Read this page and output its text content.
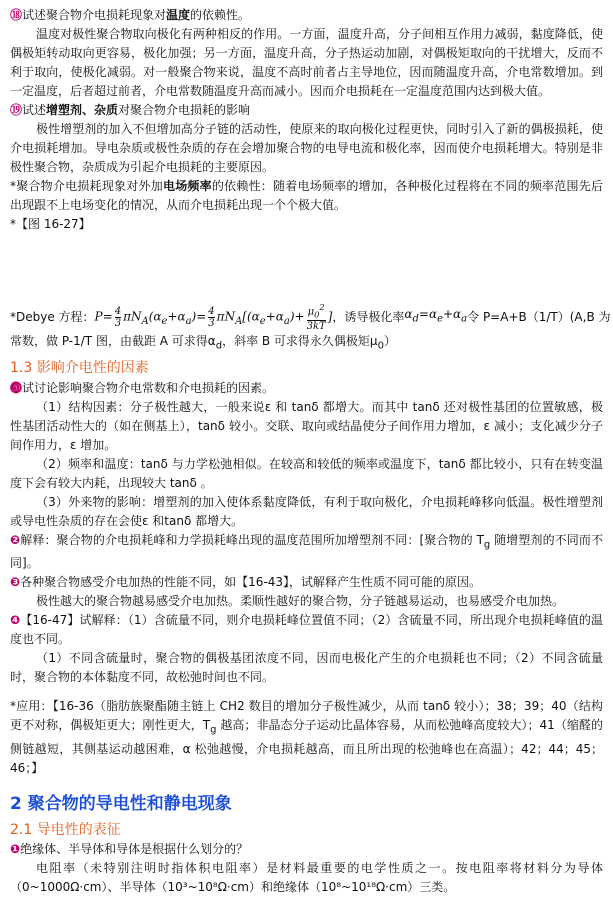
⑱试述聚合物介电损耗现象对温度的依赖性。
温度对极性聚合物取向极化有两种相反的作用。一方面，温度升高，分子间相互作用力减弱，黏度降低，使偶极矩转动取向更容易，极化加强；另一方面，温度升高，分子热运动加剧，对偶极矩取向的干扰增大，反而不利于取向，使极化减弱。对一般聚合物来说，温度不高时前者占主导地位，因而随温度升高，介电常数增加。到一定温度，后者超过前者，介电常数随温度升高而减小。因而介电损耗在一定温度范围内达到极大值。
⑲试述增塑剂、杂质对聚合物介电损耗的影响
极性增塑剂的加入不但增加高分子链的活动性，使原来的取向极化过程更快，同时引入了新的偶极损耗，使介电损耗增加。导电杂质或极性杂质的存在会增加聚合物的电导电流和极化率，因而使介电损耗增大。特别是非极性聚合物，杂质成为引起介电损耗的主要原因。
*聚合物介电损耗现象对外加电场频率的依赖性：随着电场频率的增加，各种极化过程将在不同的频率范围先后出现跟不上电场变化的情况，从而介电损耗出现一个个极大值。
*【图 16-27】
*Debye 方程： $P= \frac{4}{3} \pi N_A(\alpha_e+\alpha_a)= \frac{4}{3} \pi N_A[(\alpha_e+\alpha_a)+ \frac{\mu_0^2}{3kT}$ ] ，诱导极化率 $\alpha_d=\alpha_e+\alpha_a$ 令 P=A+B（1/T）(A,B 为
常数，做 P-1/T 图，由截距 A 可求得$\alpha_d$，斜率 B 可求得永久偶极矩$\mu_0$）
1.3 影响介电性的因素
⓴试讨论影响聚合物介电常数和介电损耗的因素。
（1）结构因素：分子极性越大，一般来说ε 和 tanδ 都增大。而其中 tanδ 还对极性基团的位置敏感，极性基团活动性大的（如在侧基上），tanδ 较小。交联、取向或结晶使分子间作用力增加，ε 减小；支化减少分子间作用力，ε 增加。
（2）频率和温度：tanδ 与力学松弛相似。在较高和较低的频率或温度下，tanδ 都比较小，只有在转变温度下会有较大内耗，出现较大 tanδ 。
（3）外来物的影响：增塑剂的加入使体系黏度降低，有利于取向极化，介电损耗峰移向低温。极性增塑剂或导电性杂质的存在会使ε 和tanδ 都增大。
❷解释：聚合物的介电损耗峰和力学损耗峰出现的温度范围所加增塑剂不同：[聚合物的 $T_g$ 随增塑剂的不同而不同]。
❸各种聚合物感受介电加热的性能不同，如【16-43】，试解释产生性质不同可能的原因。
极性越大的聚合物越易感受介电加热。柔顺性越好的聚合物，分子链越易运动，也易感受介电加热。
❹【16-47】试解释：（1）含硫量不同，则介电损耗峰位置值不同；（2）含硫量不同，所出现介电损耗峰值的温度也不同。
（1）不同含硫量时，聚合物的偶极基团浓度不同，因而电极化产生的介电损耗也不同；（2）不同含硫量时，聚合物的本体黏度不同，故松弛时间也不同。
*应用：【16-36（脂肪族聚酯随主链上 CH2 数目的增加分子极性减少，从而 tanδ 较小）；38；39；40（结构更不对称，偶极矩更大；刚性更大，$T_g$ 越高；非晶态分子运动比晶体容易，从而松弛峰高度较大）；41（缩醛的侧链越短，其侧基运动越困难，α 松弛越慢，介电损耗越高，而且所出现的松弛峰也在高温）；42；44；45；46；】
2 聚合物的导电性和静电现象
2.1 导电性的表征
❶绝缘体、半导体和导体是根据什么划分的？
电阻率（未特别注明时指体积电阻率）是材料最重要的电学性质之一。按电阻率将材料分为导体（0~1000Ω·cm）、半导体（10³~10⁸Ω·cm）和绝缘体（10⁸~10¹⁸Ω·cm）三类。
